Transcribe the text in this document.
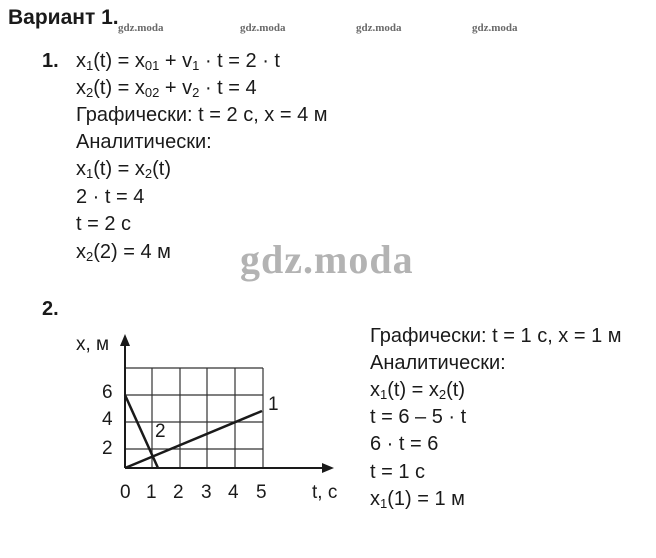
Вариант 1. gdz.moda	gdz.moda	gdz.moda	gdz.moda
1. $x_1(t) = x_{01} + v_1 \cdot t = 2 \cdot t$
$x_2(t) = x_{02} + v_2 \cdot t = 4$
Графически: t = 2 с, x = 4 м
Аналитически:
$x_1(t) = x_2(t)$
2 · t = 4
t = 2 с
$x_2(2) = 4$ м gdz.moda
2.
x, м
t, c
6
4
2
0 1 2 3 4 5
1
2
Графически: t = 1 с, x = 1 м
Аналитически:
$x_1(t) = x_2(t)$
t = 6 – 5 · t
6 · t = 6
t = 1 с
$x_1(1) = 1$ м
